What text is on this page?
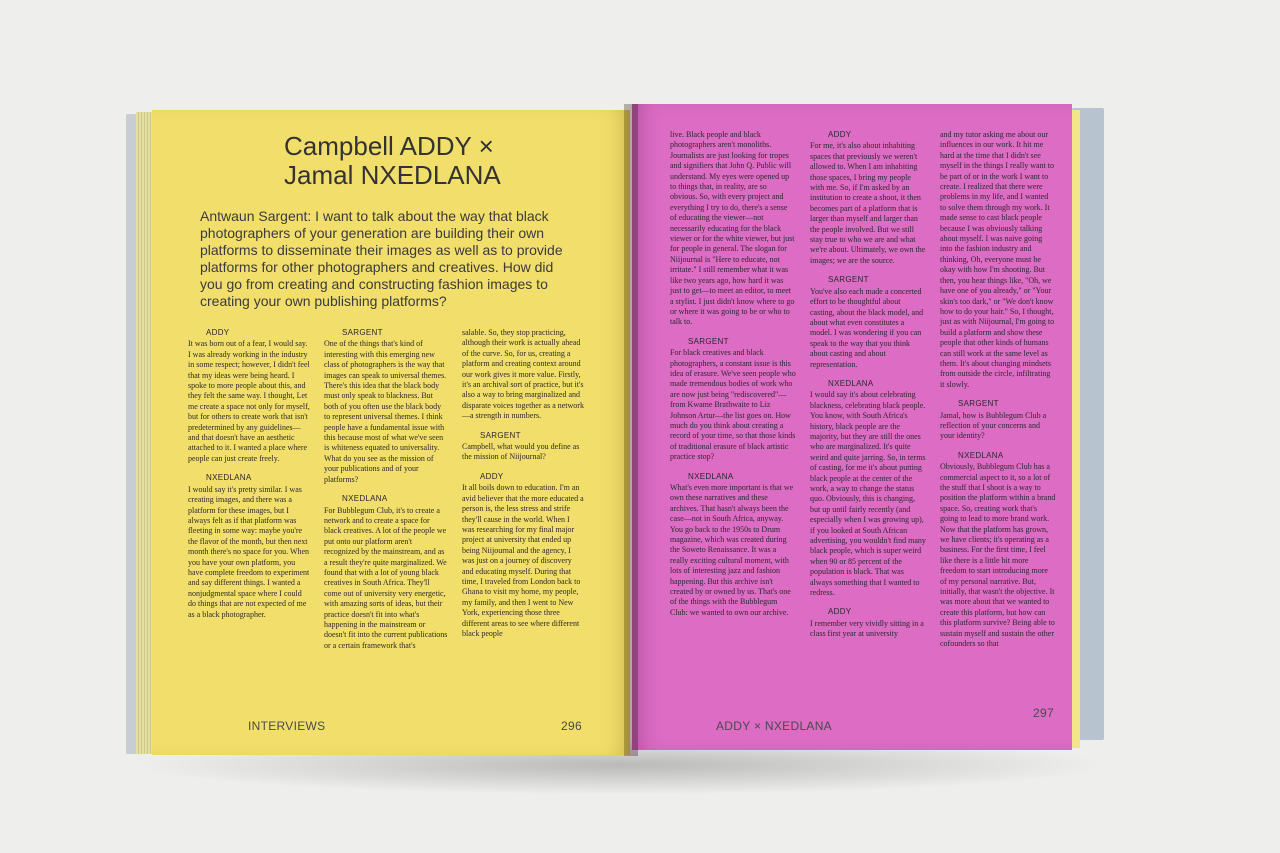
Campbell ADDY ×
Jamal NXEDLANA
Antwaun Sargent: I want to talk about the way that black photographers of your generation are building their own platforms to disseminate their images as well as to provide platforms for other photographers and creatives. How did you go from creating and constructing fashion images to creating your own publishing platforms?
ADDY

It was born out of a fear, I would say. I was already working in the industry in some respect; however, I didn't feel that my ideas were being heard. I spoke to more people about this, and they felt the same way. I thought, Let me create a space not only for myself, but for others to create work that isn't predetermined by any guidelines—and that doesn't have an aesthetic attached to it. I wanted a place where people can just create freely.

NXEDLANA

I would say it's pretty similar. I was creating images, and there was a platform for these images, but I always felt as if that platform was fleeting in some way: maybe you're the flavor of the month, but then next month there's no space for you. When you have your own platform, you have complete freedom to experiment and say different things. I wanted a nonjudgmental space where I could do things that are not expected of me as a black photographer.

SARGENT

One of the things that's kind of interesting with this emerging new class of photographers is the way that images can speak to universal themes. There's this idea that the black body must only speak to blackness. But both of you often use the black body to represent universal themes. I think people have a fundamental issue with this because most of what we've seen is whiteness equated to universality. What do you see as the mission of your publications and of your platforms?

NXEDLANA

For Bubblegum Club, it's to create a network and to create a space for black creatives. A lot of the people we put onto our platform aren't recognized by the mainstream, and as a result they're quite marginalized. We found that with a lot of young black creatives in South Africa. They'll come out of university very energetic, with amazing sorts of ideas, but their practice doesn't fit into what's happening in the mainstream or doesn't fit into the current publications or a certain framework that's

salable. So, they stop practicing, although their work is actually ahead of the curve. So, for us, creating a platform and creating context around our work gives it more value. Firstly, it's an archival sort of practice, but it's also a way to bring marginalized and disparate voices together as a network—a strength in numbers.

SARGENT

Campbell, what would you define as the mission of Niijournal?

ADDY

It all boils down to education. I'm an avid believer that the more educated a person is, the less stress and strife they'll cause in the world. When I was researching for my final major project at university that ended up being Niijournal and the agency, I was just on a journey of discovery and educating myself. During that time, I traveled from London back to Ghana to visit my home, my people, my family, and then I went to New York, experiencing those three different areas to see where different black people

INTERVIEWS	296

live. Black people and black photographers aren't monoliths. Journalists are just looking for tropes and signifiers that John Q. Public will understand. My eyes were opened up to things that, in reality, are so obvious. So, with every project and everything I try to do, there's a sense of educating the viewer—not necessarily educating for the black viewer or for the white viewer, but just for people in general. The slogan for Niijournal is "Here to educate, not irritate." I still remember what it was like two years ago, how hard it was just to get—to meet an editor, to meet a stylist. I just didn't know where to go or where it was going to be or who to talk to.

SARGENT

For black creatives and black photographers, a constant issue is this idea of erasure. We've seen people who made tremendous bodies of work who are now just being "rediscovered"—from Kwame Brathwaite to Liz Johnson Artur—the list goes on. How much do you think about creating a record of your time, so that those kinds of traditional erasure of black artistic practice stop?

NXEDLANA

What's even more important is that we own these narratives and these archives. That hasn't always been the case—not in South Africa, anyway. You go back to the 1950s to Drum magazine, which was created during the Soweto Renaissance. It was a really exciting cultural moment, with lots of interesting jazz and fashion happening. But this archive isn't created by or owned by us. That's one of the things with the Bubblegum Club: we wanted to own our archive.

ADDY

For me, it's also about inhabiting spaces that previously we weren't allowed to. When I am inhabiting those spaces, I bring my people with me. So, if I'm asked by an institution to create a shoot, it then becomes part of a platform that is larger than myself and larger than the people involved. But we still stay true to who we are and what we're about. Ultimately, we own the images; we are the source.

SARGENT

You've also each made a concerted effort to be thoughtful about casting, about the black model, and about what even constitutes a model. I was wondering if you can speak to the way that you think about casting and about representation.

NXEDLANA

I would say it's about celebrating blackness, celebrating black people. You know, with South Africa's history, black people are the majority, but they are still the ones who are marginalized. It's quite weird and quite jarring. So, in terms of casting, for me it's about putting black people at the center of the work, a way to change the status quo. Obviously, this is changing, but up until fairly recently (and especially when I was growing up), if you looked at South African advertising, you wouldn't find many black people, which is super weird when 90 or 85 percent of the population is black. That was always something that I wanted to redress.

ADDY

I remember very vividly sitting in a class first year at university

and my tutor asking me about our influences in our work. It hit me hard at the time that I didn't see myself in the things I really want to be part of or in the work I want to create. I realized that there were problems in my life, and I wanted to solve them through my work. It made sense to cast black people because I was obviously talking about myself. I was naive going into the fashion industry and thinking, Oh, everyone must be okay with how I'm shooting. But then, you hear things like, "Oh, we have one of you already," or "Your skin's too dark," or "We don't know how to do your hair." So, I thought, just as with Niijournal, I'm going to build a platform and show these people that other kinds of humans can still work at the same level as them. It's about changing mindsets from outside the circle, infiltrating it slowly.

SARGENT

Jamal, how is Bubblegum Club a reflection of your concerns and your identity?

NXEDLANA

Obviously, Bubblegum Club has a commercial aspect to it, so a lot of the stuff that I shoot is a way to position the platform within a brand space. So, creating work that's going to lead to more brand work. Now that the platform has grown, we have clients; it's operating as a business. For the first time, I feel like there is a little bit more freedom to start introducing more of my personal narrative. But, initially, that wasn't the objective. It was more about that we wanted to create this platform, but how can this platform survive? Being able to sustain myself and sustain the other cofounders so that

ADDY × NXEDLANA
297
